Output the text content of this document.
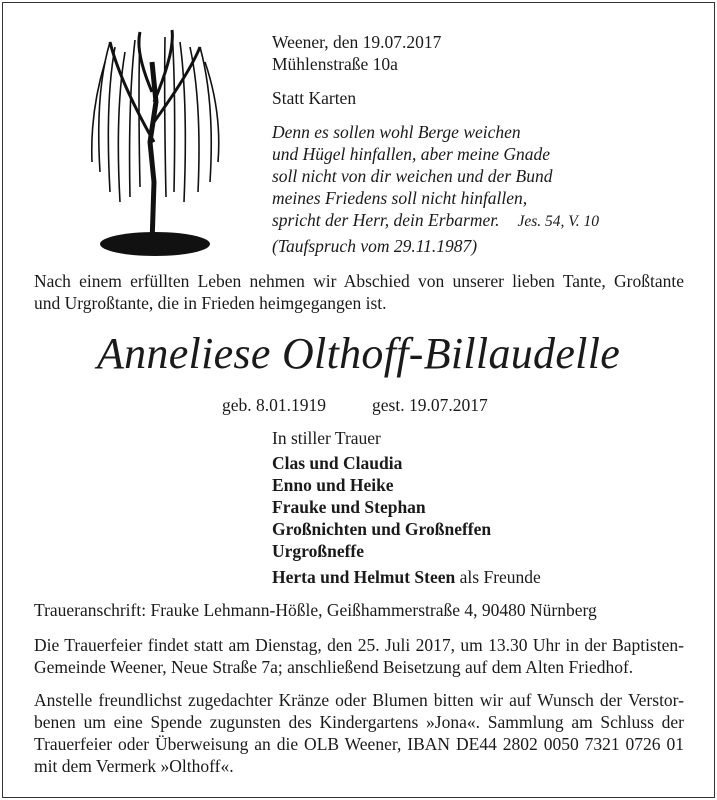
Weener, den 19.07.2017
Mühlenstraße 10a
Statt Karten
Denn es sollen wohl Berge weichen
und Hügel hinfallen, aber meine Gnade
soll nicht von dir weichen und der Bund
meines Friedens soll nicht hinfallen,
spricht der Herr, dein Erbarmer. Jes. 54, V. 10
(Taufspruch vom 29.11.1987)
Nach einem erfüllten Leben nehmen wir Abschied von unserer lieben Tante, Großtante
und Urgroßtante, die in Frieden heimgegangen ist.
Anneliese Olthoff-Billaudelle
geb. 8.01.1919	gest. 19.07.2017
In stiller Trauer
Clas und Claudia
Enno und Heike
Frauke und Stephan
Großnichten und Großneffen
Urgroßneffe
Herta und Helmut Steen als Freunde
Traueranschrift: Frauke Lehmann-Hößle, Geißhammerstraße 4, 90480 Nürnberg
Die Trauerfeier findet statt am Dienstag, den 25. Juli 2017, um 13.30 Uhr in der Baptisten-
Gemeinde Weener, Neue Straße 7a; anschließend Beisetzung auf dem Alten Friedhof.
Anstelle freundlichst zugedachter Kränze oder Blumen bitten wir auf Wunsch der Verstor-
benen um eine Spende zugunsten des Kindergartens »Jona«. Sammlung am Schluss der
Trauerfeier oder Überweisung an die OLB Weener, IBAN DE44 2802 0050 7321 0726 01
mit dem Vermerk »Olthoff«.
